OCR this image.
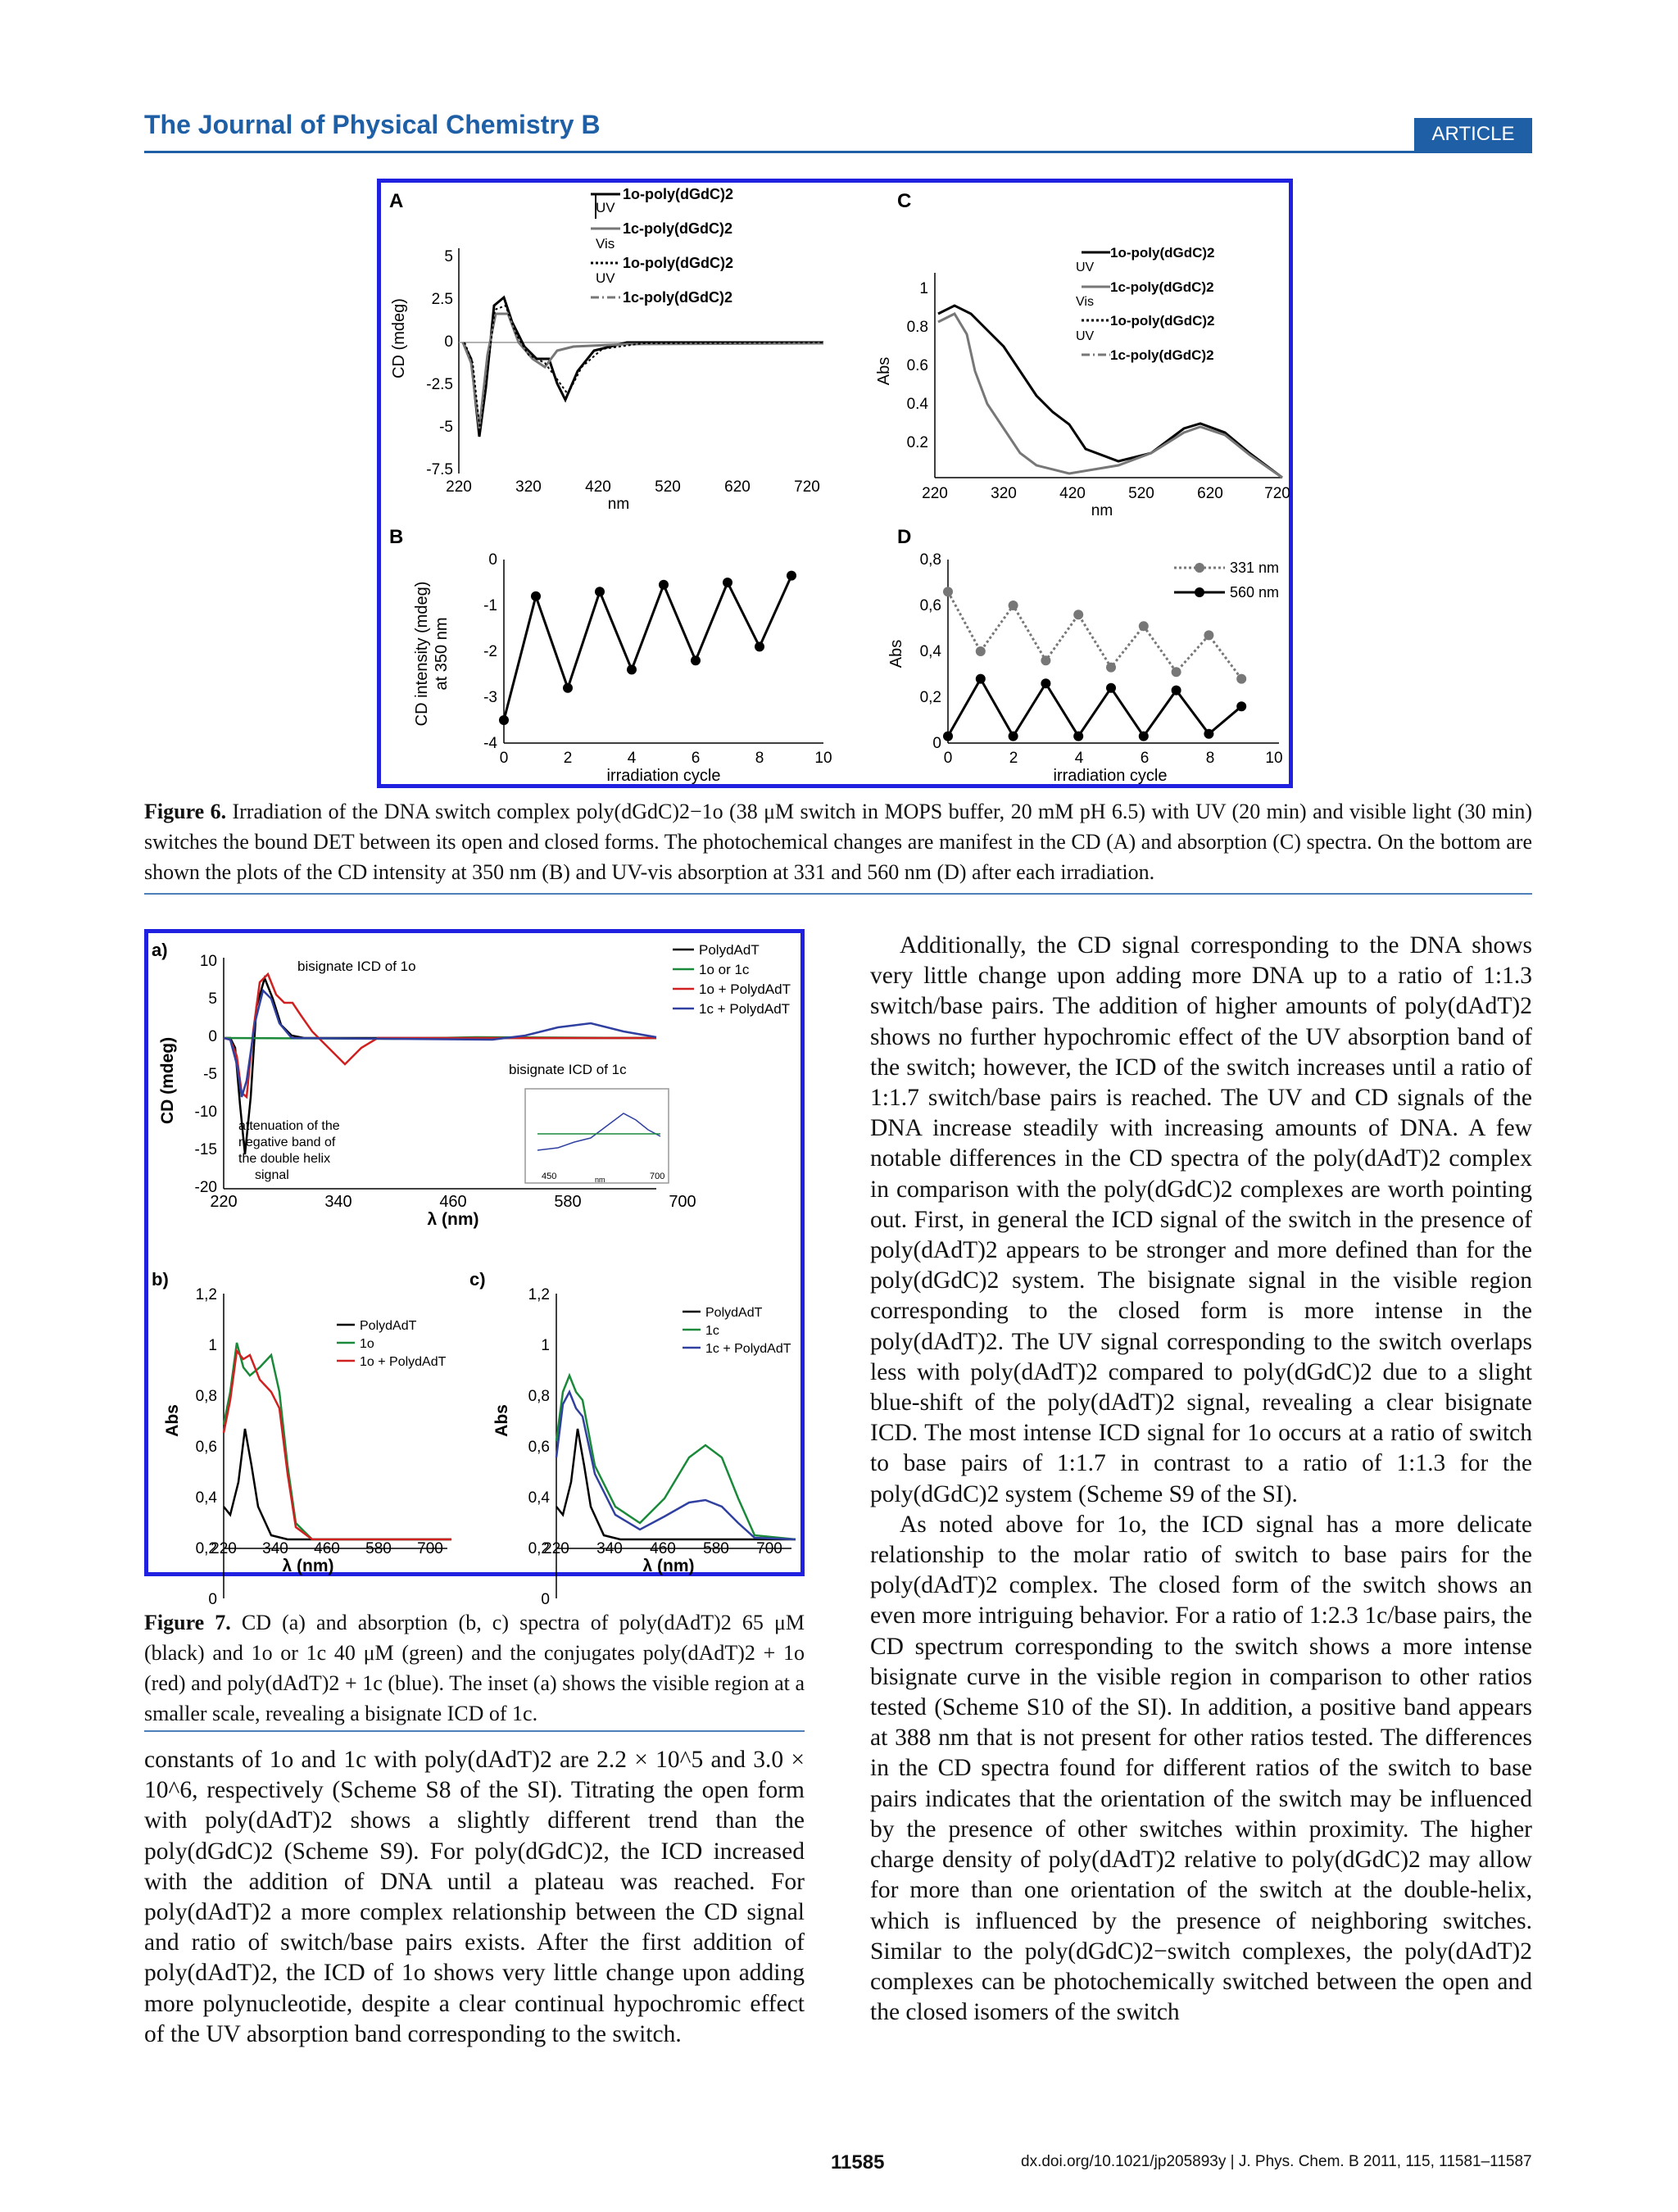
The Journal of Physical Chemistry B	ARTICLE
A
CD (mdeg)
5
2.5
0
-2.5
-5
-7.5
220	320	420	520	620	720
nm
UV
1o-poly(dGdC)2
1c-poly(dGdC)2
Vis
1o-poly(dGdC)2
UV
1c-poly(dGdC)2
C
Abs
1
0.8
0.6
0.4
0.2
220	320	420	520	620	720
nm
1o-poly(dGdC)2
UV
1c-poly(dGdC)2
Vis
1o-poly(dGdC)2
UV
1c-poly(dGdC)2
B
CD intensity (mdeg) at 350 nm
0
-1
-2
-3
-4
0	2	4	6	8	10
irradiation cycle
D
Abs
0,8
0,6
0,4
0,2
0
0	2	4	6	8	10
irradiation cycle
331 nm
560 nm
Figure 6. Irradiation of the DNA switch complex poly(dGdC)2−1o (38 μM switch in MOPS buffer, 20 mM pH 6.5) with UV (20 min) and visible light (30 min) switches the bound DET between its open and closed forms. The photochemical changes are manifest in the CD (A) and absorption (C) spectra. On the bottom are shown the plots of the CD intensity at 350 nm (B) and UV-vis absorption at 331 and 560 nm (D) after each irradiation.
a)
CD (mdeg)
10
5
0
-5
-10
-15
-20
220	340	460	580	700
λ (nm)
bisignate ICD of 1o
bisignate ICD of 1c
attenuation of the
negative band of
the double helix
signal	450	700
nm
PolydAdT
1o or 1c
1o + PolydAdT
1c + PolydAdT
b)
Abs
1,2
1
0,8
0,6
0,4
0,2
0
PolydAdT
1o
1o + PolydAdT
c)
Abs
1,2
1
0,8
0,6
0,4
0,2
0
PolydAdT
1c
1c + PolydAdT
220 340 460 580 700	220 340 460 580 700
λ (nm)	λ (nm)
Figure 7. CD (a) and absorption (b, c) spectra of poly(dAdT)2 65 μM (black) and 1o or 1c 40 μM (green) and the conjugates poly(dAdT)2 + 1o (red) and poly(dAdT)2 + 1c (blue). The inset (a) shows the visible region at a smaller scale, revealing a bisignate ICD of 1c.

constants of 1o and 1c with poly(dAdT)2 are 2.2 × 10^5 and 3.0 × 10^6, respectively (Scheme S8 of the SI). Titrating the open form with poly(dAdT)2 shows a slightly different trend than the poly(dGdC)2 (Scheme S9). For poly(dGdC)2, the ICD increased with the addition of DNA until a plateau was reached. For poly(dAdT)2 a more complex relationship between the CD signal and ratio of switch/base pairs exists. After the first addition of poly(dAdT)2, the ICD of 1o shows very little change upon adding more polynucleotide, despite a clear continual hypochromic effect of the UV absorption band corresponding to the switch.

Additionally, the CD signal corresponding to the DNA shows very little change upon adding more DNA up to a ratio of 1:1.3 switch/base pairs. The addition of higher amounts of poly(dAdT)2 shows no further hypochromic effect of the UV absorption band of the switch; however, the ICD of the switch increases until a ratio of 1:1.7 switch/base pairs is reached. The UV and CD signals of the DNA increase steadily with increasing amounts of DNA. A few notable differences in the CD spectra of the poly(dAdT)2 complex in comparison with the poly(dGdC)2 complexes are worth pointing out. First, in general the ICD signal of the switch in the presence of poly(dAdT)2 appears to be stronger and more defined than for the poly(dGdC)2 system. The bisignate signal in the visible region corresponding to the closed form is more intense in the poly(dAdT)2. The UV signal corresponding to the switch overlaps less with poly(dAdT)2 compared to poly(dGdC)2 due to a slight blue-shift of the poly(dAdT)2 signal, revealing a clear bisignate ICD. The most intense ICD signal for 1o occurs at a ratio of switch to base pairs of 1:1.7 in contrast to a ratio of 1:1.3 for the poly(dGdC)2 system (Scheme S9 of the SI).

As noted above for 1o, the ICD signal has a more delicate relationship to the molar ratio of switch to base pairs for the poly(dAdT)2 complex. The closed form of the switch shows an even more intriguing behavior. For a ratio of 1:2.3 1c/base pairs, the CD spectrum corresponding to the switch shows a more intense bisignate curve in the visible region in comparison to other ratios tested (Scheme S10 of the SI). In addition, a positive band appears at 388 nm that is not present for other ratios tested. The differences in the CD spectra found for different ratios of the switch to base pairs indicates that the orientation of the switch may be influenced by the presence of other switches within proximity. The higher charge density of poly(dAdT)2 relative to poly(dGdC)2 may allow for more than one orientation of the switch at the double-helix, which is influenced by the presence of neighboring switches. Similar to the poly(dGdC)2−switch complexes, the poly(dAdT)2 complexes can be photochemically switched between the open and the closed isomers of the switch

11585	dx.doi.org/10.1021/jp205893y | J. Phys. Chem. B 2011, 115, 11581–11587
